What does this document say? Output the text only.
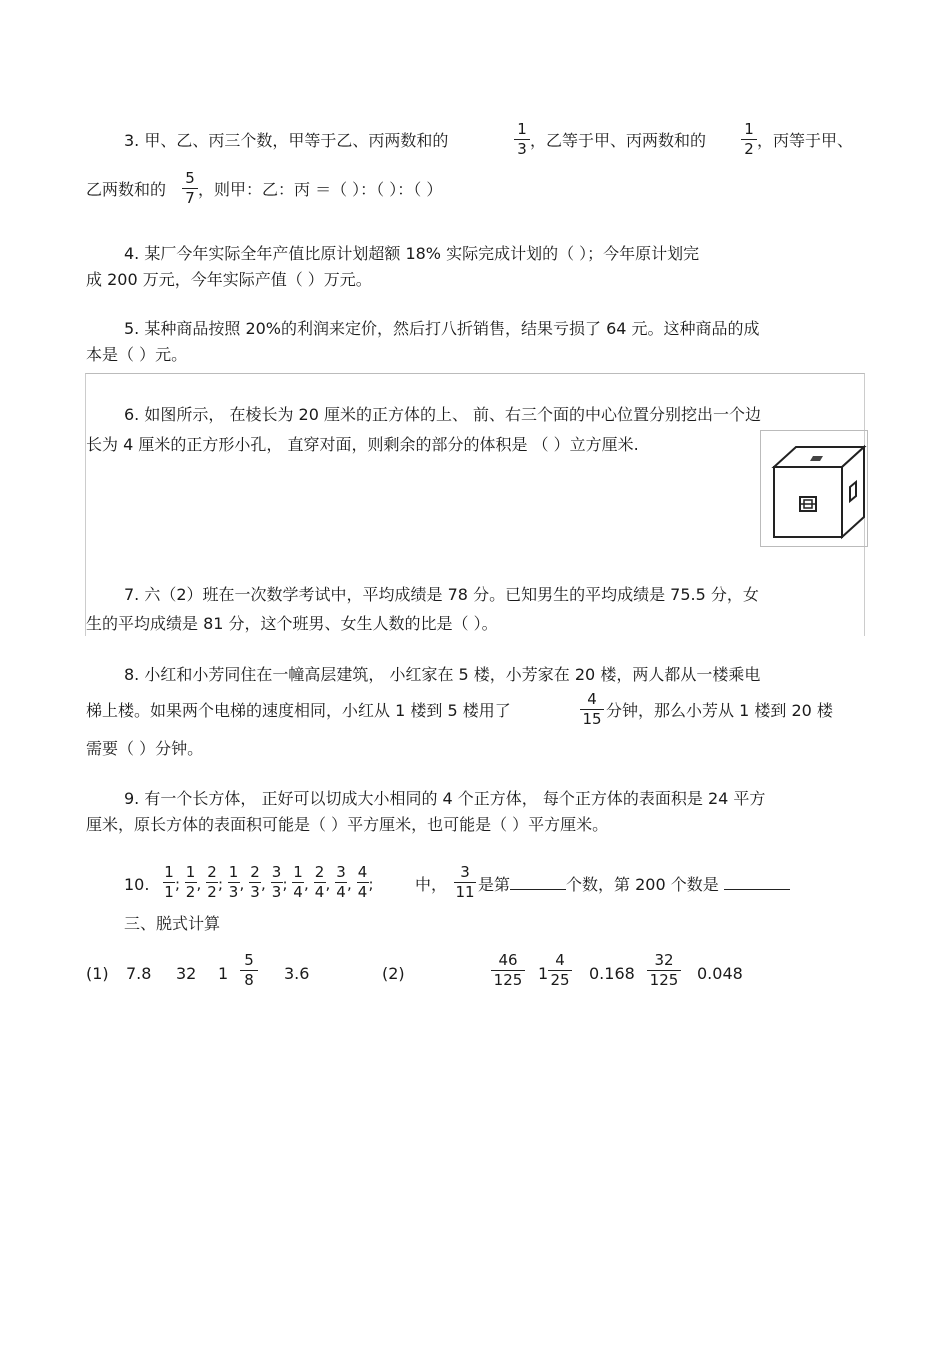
3. 甲、乙、丙三个数，甲等于乙、丙两数和的
1
3 ，乙等于甲、丙两数和的
1
2 ，丙等于甲、
乙两数和的
5
7 ，则甲：乙：丙 ＝（ ）：（ ）：（ ）
4. 某厂今年实际全年产值比原计划超额 18% 实际完成计划的（ ）；今年原计划完
成 200 万元，今年实际产值（ ）万元。
5. 某种商品按照 20%的利润来定价，然后打八折销售，结果亏损了 64 元。这种商品的成
本是（ ）元。
6. 如图所示， 在棱长为 20 厘米的正方体的上、 前、右三个面的中心位置分别挖出一个边
长为 4 厘米的正方形小孔， 直穿对面，则剩余的部分的体积是 （ ）立方厘米.
7. 六（2）班在一次数学考试中，平均成绩是 78 分。已知男生的平均成绩是 75.5 分，女
生的平均成绩是 81 分，这个班男、女生人数的比是（ ）。
8. 小红和小芳同住在一幢高层建筑， 小红家在 5 楼，小芳家在 20 楼，两人都从一楼乘电
梯上楼。如果两个电梯的速度相同，小红从 1 楼到 5 楼用了
4
15 分钟，那么小芳从 1 楼到 20 楼
需要（ ）分钟。
9. 有一个长方体， 正好可以切成大小相同的 4 个正方体， 每个正方体的表面积是 24 平方
厘米，原长方体的表面积可能是（ ）平方厘米，也可能是（ ）平方厘米。
10.
1
1 ;
1
2 ,
2
2 ;
1
3 ,
2
3 ,
3
3 ;
1
4 ,
2
4 ,
3
4 ,
4
4 ;	中，
3
11 是第	个数，第 200 个数是
三、脱式计算
(1) 7.8 32 1
5
8 3.6	(2)
46
125 1
4
25 0.168
32
125 0.048
